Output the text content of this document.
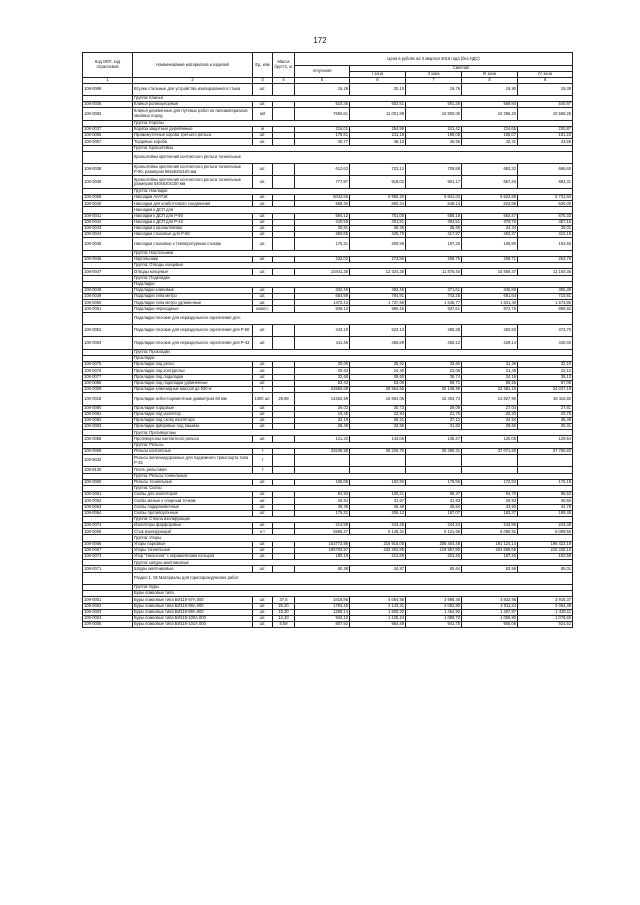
172
Код ОКП, код отраслевой	Наименование материалов и изделий	Ед. изм	Масса брутто, кг	Цена в рублях на II квартал 2016 года (без НДС)				
				отпускная	Сметная			
					I зона	II зона	III зона	IV зона
1	2	3	4	5	6	7	8	9
108-0089	Втулки стальные для устройства изолированного стыка	шт.		16,28	20,10	19,76	19,90	19,38
	Группа: Клинья							
108-0036	Клинья роликоупорные	шт.		510,36	602,51	591,29	568,84	540,97
108-0083	Клинья деревянные для путевых работ из пиломатериалов хвойных пород	м3		7660,61	11 001,99	10 800,06	10 396,20	10 598,25
	Группа: Коробы							
108-0037	Короба защитные деревянные	м		216,01	254,99	241,42	224,65	230,87
108-0056	Промежуточные короба третьего рельса	шт.		178,81	211,18	199,08	186,07	191,23
108-0057	Торцевые короба	шт.		40,77	48,13	45,56	42,41	43,59
	Группа: Кронштейны							
	Кронштейны крепления контактного рельса тоннельные							
108-0038	Кронштейны крепления контактного рельса тоннельные Р-50, размером 565х628х100 мм	шт.		612,63	723,12	709,88	683,32	696,60
108-0039	Кронштейны крепления контактного рельса тоннельные размером 540х520х100 мм	шт.		777,97	918,02	901,17	867,46	884,31
	Группа: Накладки							
108-0068	Накладки АпАТэК	шт.		5042,56	5 950,20	5 841,04	5 622,68	5 731,84
108-0040	Накладки для клиботтового соединения	шт.		559,30	660,24	648,14	623,88	636,00
	Накладки к ДСП для							
108-0041	Накладки к ДСП для Р-50	шт.		594,12	701,05	688,19	662,47	675,33
108-0042	Накладки к ДСП для Р-43	шт.		340,59	401,91	394,51	379,76	387,16
108-0043	Накладки к кронштейнам	шт.		30,81	36,35	35,69	34,34	35,01
108-0044	Накладки стыковые для Р-50	шт.		360,85	425,79	417,97	402,37	410,19
108-0045	Накладки стыковые к температурным стыкам	шт.		170,31	200,96	197,30	189,90	193,60
	Группа: Наугольники							
108-0046	Наугольники	шт.		232,02	273,80	268,75	258,71	263,75
	Группа: Отводы концевые							
108-0047	Отводы концевые	шт.		10441,25	12 324,25	11 876,40	10 859,47	11 160,36
	Группа: Подкладки							
	Подкладки							
108-0048	Подкладки клиновые	шт.		332,49	392,45	371,61	345,80	355,39
108-0049	Подкладки типа метро	шт.		664,99	784,91	743,25	691,64	710,81
108-0050	Подкладки типа метро удлиненные	шт.		1472,43	1 737,69	1 645,77	1 531,40	1 573,85
108-0051	Подкладки переходные	компл.		839,13	990,45	937,61	872,76	896,92
	Подкладки плоские для нераздельного скрепления для:							
108-0052	Подкладки плоские для нераздельного скрепления для Р-50	шт.		443,19	523,13	495,35	460,92	473,70
108-0053	Подкладки плоские для нераздельного скрепления для Р-43	шт.		411,66	485,89	460,12	428,14	440,03
	Группа: Прокладки							
	Прокладки							
108-0075	Прокладки под рельс	шт.		30,05	35,52	33,60	31,28	32,10
108-0076	Прокладки под контррельс	шт.		20,63	24,40	23,06	21,45	22,12
108-0077	Прокладки под подкладки	шт.		32,68	38,60	36,74	34,18	35,13
108-0055	Прокладки под подкладки удлиненные	шт.		53,43	63,08	59,71	55,56	57,08
108-0009	Прокладки клиноидные массой до 500 кг	т		22560,08	26 554,65	25 138,96	23 381,16	24 037,19
108-0018	Прокладки асбестоцементные диаметром 60 мм	1000 шт.	29,98	14252,59	16 691,06	15 403,74	14 827,90	15 115,82
108-0090	Прокладки торцовые	шт.		26,03	30,73	29,09	27,04	27,81
108-0081	Прокладки под изолятор	шт.		19,45	22,94	21,76	20,20	20,76
108-0082	Прокладки под скобу изолятора	шт.		33,18	39,21	37,12	34,54	35,49
108-0093	Прокладки фибровые под башмак	шт.		28,48	33,58	31,83	29,60	30,41
	Группа: Противоугоны							
108-0058	Противоугоны контактного рельса	шт.		121,20	143,06	135,47	126,05	129,54
	Группа: Рельсы							
108-0059	Рельсы контактные	т		33238,58	39 226,75	36 496,31	37 071,60	37 765,83
108-9032	Рельсы железнодорожные для подземного транспорта типа Р-33	т						
108-9130	Плеть рельсовая	т						
	Группа: Рельсы тоннельные							
108-0060	Рельсы тоннельные	шт.		155,05	182,90	179,56	172,93	176,18
	Группа: Скобы							
108-0061	Скобы для изоляторов	шт.		84,93	100,21	96,37	94,70	96,53
108-0062	Скобы малые к опорным точкам	шт.		26,84	31,67	31,83	29,93	30,50
108-0063	Скобы подкрановочные	шт.		39,39	46,49	45,64	43,93	44,78
108-0064	Скобы противоугонные	шт.		176,31	208,12	197,07	183,37	188,45
	Группа: Стекла изолирующие							
108-0074	Изоляторы фарфоровые	шт.		214,99	243,45	244,24	242,96	243,48
108-0065	Стык изолирующий	к-т		5586,37	6 149,31	6 121,66	6 096,91	6 099,55
	Группа: Упоры							
108-0066	Упоры парковые	шт.		163772,86	216 915,05	205 404,49	191 124,14	196 422,19
108-0067	Упоры тоннельные	шт.		196793,57	232 263,95	219 957,80	204 668,69	210 338,10
108-0073	Упор "Нальчона" с керамическим кольцом	шт.		180,18	212,69	201,40	187,40	192,59
	Группа: Шпуры маятниковые							
108-0071	Шпуры маятниковые	шт.		60,38	34,87	85,64	83,59	85,01
	Раздел 1. 06 Материалы для горнопроходческих работ							
	Группа: Буры							
	Буры ложковые типа							
109-0001	Буры ложковые типа БИ119-97А.000	шт.	37,6	3419,86	4 064,86	3 988,40	3 832,95	3 915,37
109-0002	Буры ложковые типа БИ119-98А.000	шт.	26,20	1794,46	2 143,31	2 092,80	2 011,24	2 054,48
109-0003	Буры ложковые типа БИ119-99А.000	шт.	15,30	1258,14	1 500,32	1 464,92	1 407,87	1 438,11
109-0004	Буры ложковые типа БИ119-100А.000	шт.	12,40	942,10	1 125,24	1 098,72	1 055,90	1 078,60
109-0005	Буры ложковые типа БИ119-101А.000	шт.	5,59	807,92	964,49	941,75	905,06	924,52
